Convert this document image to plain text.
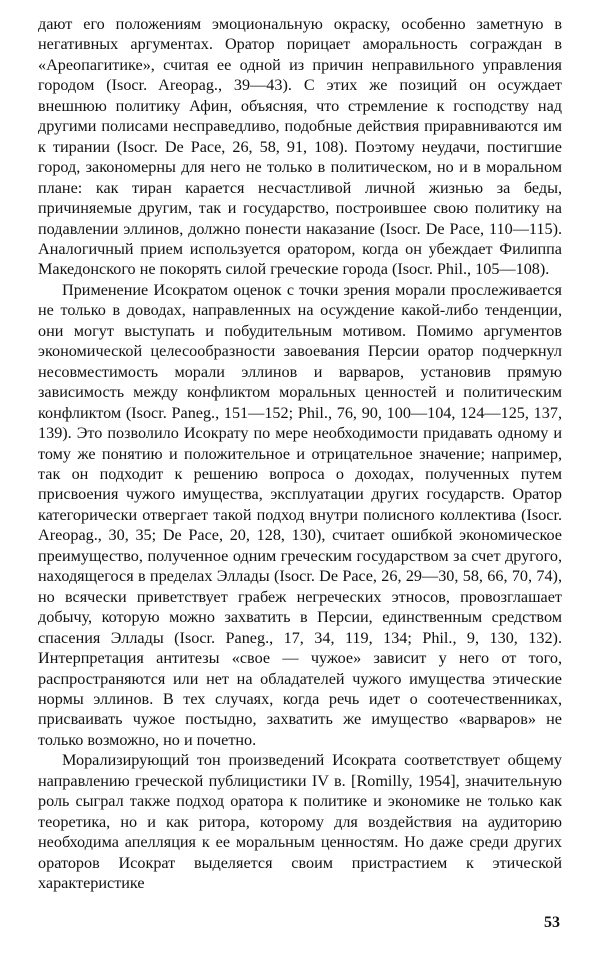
дают его положениям эмоциональную окраску, особенно заметную в негативных аргументах. Оратор порицает аморальность сограждан в «Ареопагитике», считая ее одной из причин неправильного управления городом (Isocr. Areopag., 39—43). С этих же позиций он осуждает внешнюю политику Афин, объясняя, что стремление к господству над другими полисами несправедливо, подобные действия приравниваются им к тирании (Isocr. De Pace, 26, 58, 91, 108). Поэтому неудачи, постигшие город, закономерны для него не только в политическом, но и в моральном плане: как тиран карается несчастливой личной жизнью за беды, причиняемые другим, так и государство, построившее свою политику на подавлении эллинов, должно понести наказание (Isocr. De Pace, 110—115). Аналогичный прием используется оратором, когда он убеждает Филиппа Македонского не покорять силой греческие города (Isocr. Phil., 105—108).

Применение Исократом оценок с точки зрения морали прослеживается не только в доводах, направленных на осуждение какой-либо тенденции, они могут выступать и побудительным мотивом. Помимо аргументов экономической целесообразности завоевания Персии оратор подчеркнул несовместимость морали эллинов и варваров, установив прямую зависимость между конфликтом моральных ценностей и политическим конфликтом (Isocr. Paneg., 151—152; Phil., 76, 90, 100—104, 124—125, 137, 139). Это позволило Исократу по мере необходимости придавать одному и тому же понятию и положительное и отрицательное значение; например, так он подходит к решению вопроса о доходах, полученных путем присвоения чужого имущества, эксплуатации других государств. Оратор категорически отвергает такой подход внутри полисного коллектива (Isocr. Areopag., 30, 35; De Pace, 20, 128, 130), считает ошибкой экономическое преимущество, полученное одним греческим государством за счет другого, находящегося в пределах Эллады (Isocr. De Pace, 26, 29—30, 58, 66, 70, 74), но всячески приветствует грабеж негреческих этносов, провозглашает добычу, которую можно захватить в Персии, единственным средством спасения Эллады (Isocr. Paneg., 17, 34, 119, 134; Phil., 9, 130, 132). Интерпретация антитезы «свое — чужое» зависит у него от того, распространяются или нет на обладателей чужого имущества этические нормы эллинов. В тех случаях, когда речь идет о соотечественниках, присваивать чужое постыдно, захватить же имущество «варваров» не только возможно, но и почетно.

Морализирующий тон произведений Исократа соответствует общему направлению греческой публицистики IV в. [Romilly, 1954], значительную роль сыграл также подход оратора к политике и экономике не только как теоретика, но и как ритора, которому для воздействия на аудиторию необходима апелляция к ее моральным ценностям. Но даже среди других ораторов Исократ выделяется своим пристрастием к этической характеристике

53
